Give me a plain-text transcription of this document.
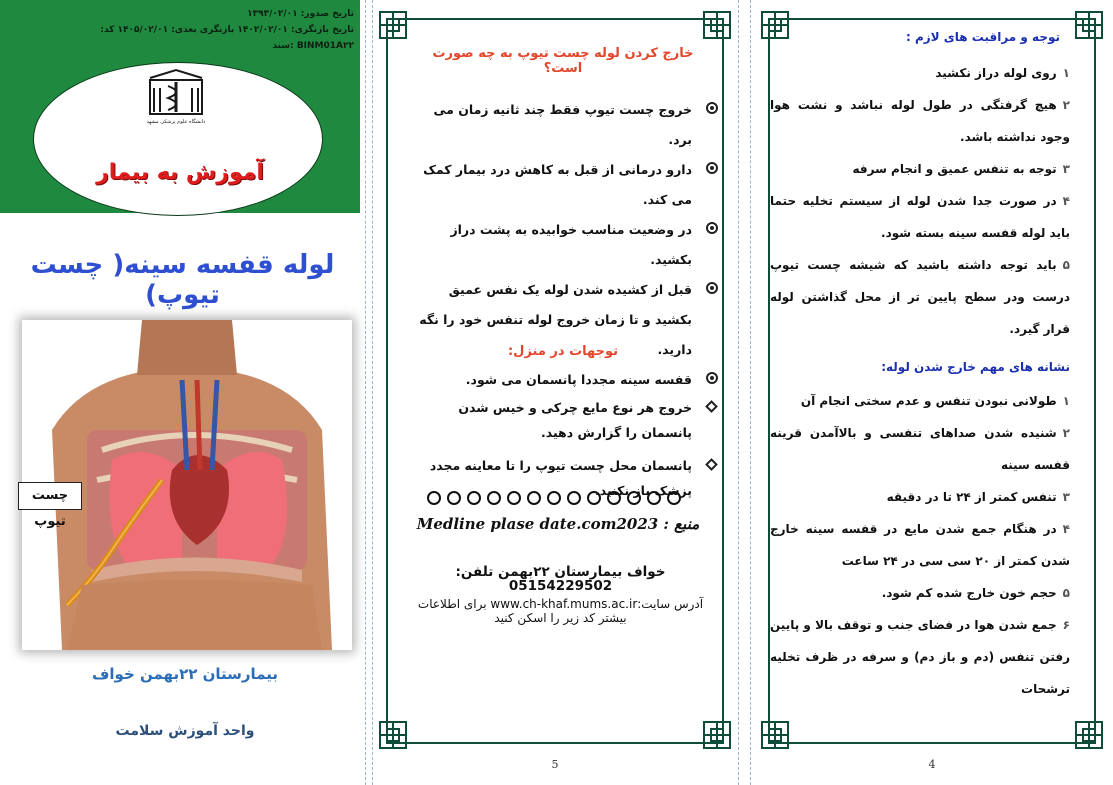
تاریخ صدور: ۱۳۹۳/۰۲/۰۱
تاریخ بازنگری: ۱۴۰۲/۰۲/۰۱ بازنگری بعدی: ۱۴۰۵/۰۲/۰۱ کد:
BINM01A۲۲ :سند
دانشگاه علوم پزشکی مشهد
آموزش به بیمار
لوله قفسه سینه( چست تیوپ)
چست تیوپ
بیمارستان ۲۲بهمن خواف
واحد آموزش سلامت
خارج کردن لوله چست تیوپ به چه صورت است؟
خروج چست تیوپ فقط چند ثانیه زمان می برد.
دارو درمانی از قبل به کاهش درد بیمار کمک می کند.
در وضعیت مناسب خوابیده به پشت دراز بکشید.
قبل از کشیده شدن لوله یک نفس عمیق بکشید و تا زمان خروج لوله تنفس خود را نگه دارید.
قفسه سینه مجددا پانسمان می شود.
توجهات در منزل:
خروج هر نوع مایع چرکی و خیس شدن پانسمان را گزارش دهید.
پانسمان محل چست تیوپ را تا معاینه مجدد پزشک باز نکنید.
منبع : Medline plase date.com2023
خواف بیمارستان ۲۲بهمن تلفن: 05154229502
آدرس سایت:www.ch-khaf.mums.ac.ir برای اطلاعات بیشتر کد زیر را اسکن کنید
5
توجه و مراقبت های لازم :

۱روی لوله دراز نکشید

۲هیچ گرفتگی در طول لوله نباشد و نشت هوا وجود نداشته باشد.

۳توجه به تنفس عمیق و انجام سرفه

۴در صورت جدا شدن لوله از سیستم تخلیه حتما باید لوله قفسه سینه بسته شود.

۵باید توجه داشته باشید که شیشه چست تیوپ درست ودر سطح پایین تر از محل گذاشتن لوله قرار گیرد.

نشانه های مهم خارج شدن لوله:

۱طولانی نبودن تنفس و عدم سختی انجام آن

۲شنیده شدن صداهای تنفسی و بالاآمدن قرینه قفسه سینه

۳تنفس کمتر از ۲۴ تا در دقیقه

۴در هنگام جمع شدن مایع در قفسه سینه خارج شدن کمتر از ۲۰ سی سی در ۲۴ ساعت

۵حجم خون خارج شده کم شود.

۶جمع شدن هوا در فضای جنب و توقف بالا و پایین رفتن تنفس (دم و باز دم) و سرفه در ظرف تخلیه ترشحات

4
